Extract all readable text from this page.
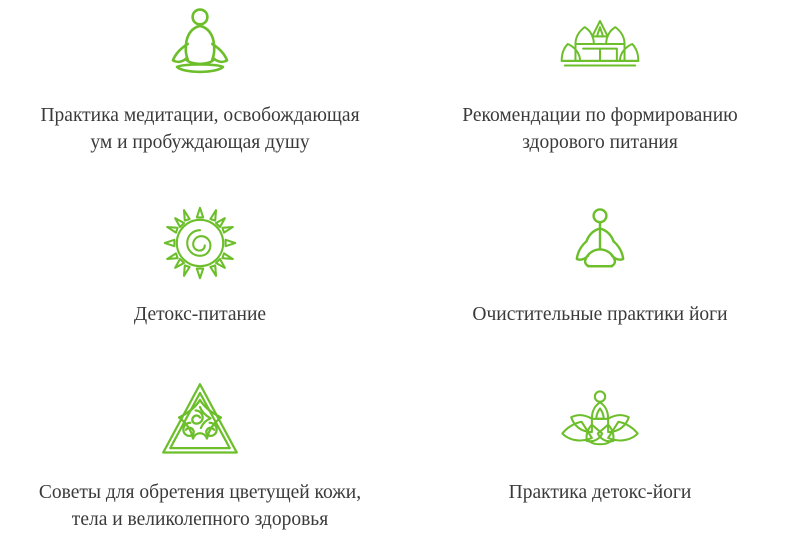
Практика медитации, освобождающая ум и пробуждающая душу
Рекомендации по формированию здорового питания
Детокс-питание	Очистительные практики йоги
Советы для обретения цветущей кожи, тела и великолепного здоровья
Практика детокс-йоги
